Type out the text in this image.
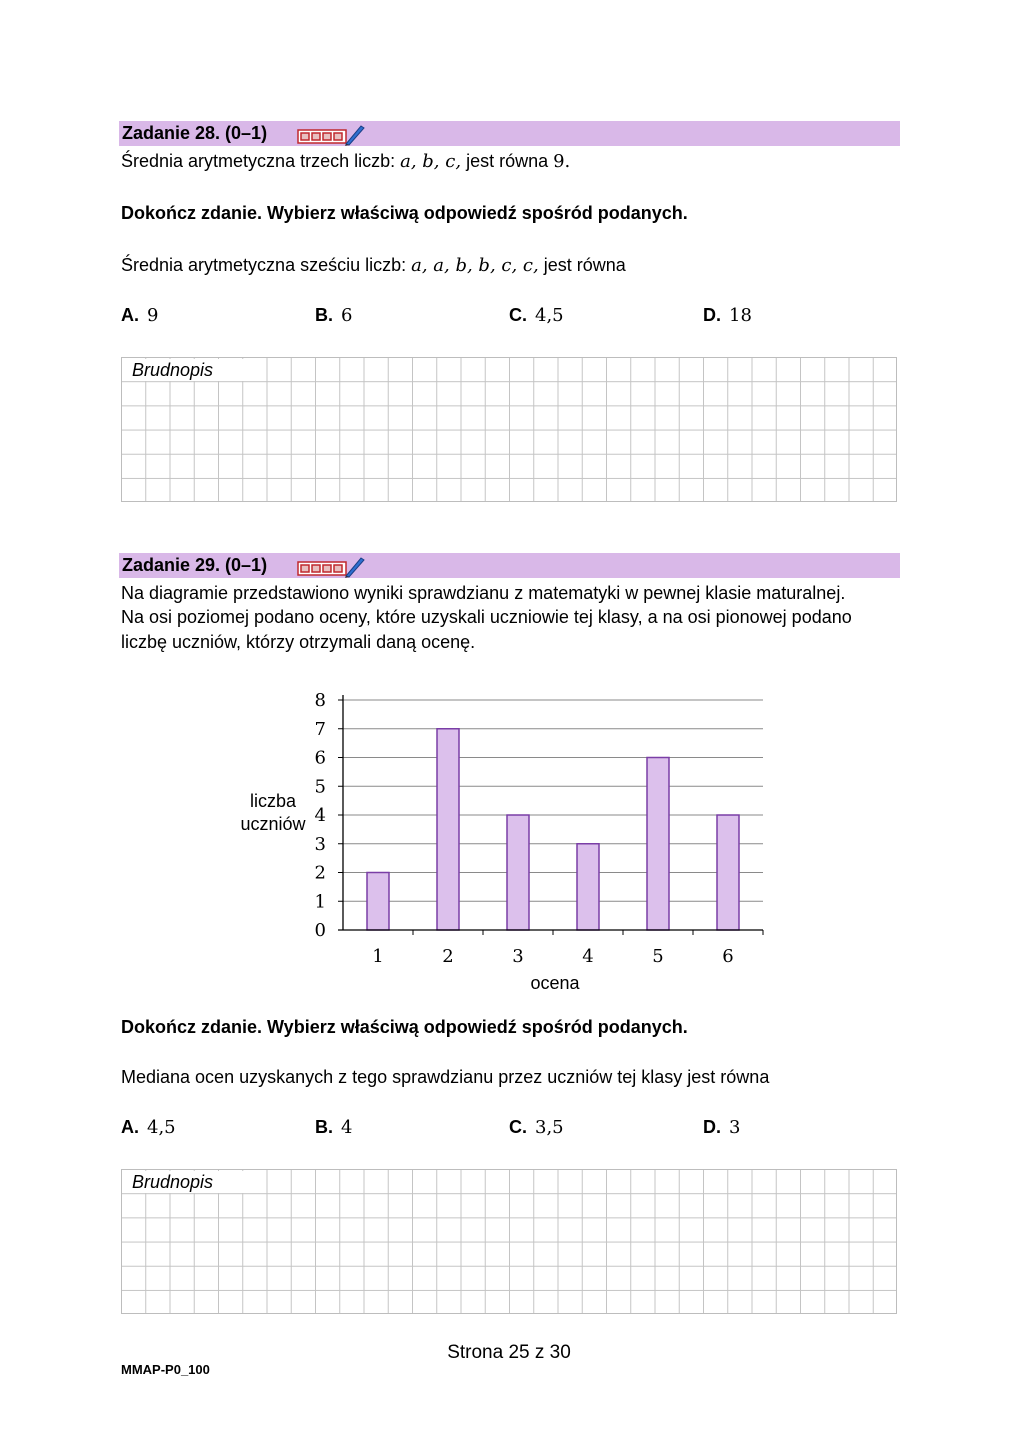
Zadanie 28. (0–1)
Średnia arytmetyczna trzech liczb: a, b, c, jest równa 9.
Dokończ zdanie. Wybierz właściwą odpowiedź spośród podanych.
Średnia arytmetyczna sześciu liczb: a, a, b, b, c, c, jest równa
A. 9	B. 6	C. 4,5	D. 18
Brudnopis
Zadanie 29. (0–1)
Na diagramie przedstawiono wyniki sprawdzianu z matematyki w pewnej klasie maturalnej.
Na osi poziomej podano oceny, które uzyskali uczniowie tej klasy, a na osi pionowej podano
liczbę uczniów, którzy otrzymali daną ocenę.
liczba
uczniów
0
1
2
3
4
5
6
7
8
1	2	3	4	5	6
ocena
Dokończ zdanie. Wybierz właściwą odpowiedź spośród podanych.
Mediana ocen uzyskanych z tego sprawdzianu przez uczniów tej klasy jest równa
A. 4,5	B. 4	C. 3,5	D. 3
Brudnopis
Strona 25 z 30
MMAP-P0_100
